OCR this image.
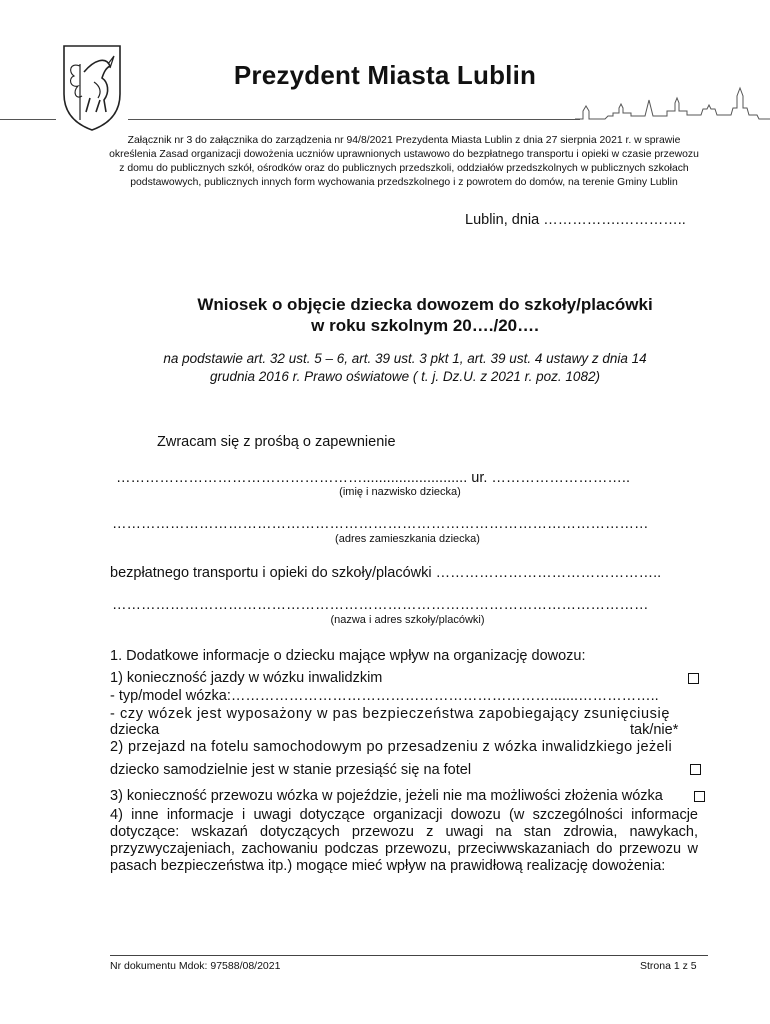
Prezydent Miasta Lublin
Załącznik nr 3 do załącznika do zarządzenia nr 94/8/2021 Prezydenta Miasta Lublin z dnia 27 sierpnia 2021 r. w sprawie określenia Zasad organizacji dowożenia uczniów uprawnionych ustawowo do bezpłatnego transportu i opieki w czasie przewozu z domu do publicznych szkół, ośrodków oraz do publicznych przedszkoli, oddziałów przedszkolnych w publicznych szkołach podstawowych, publicznych innych form wychowania przedszkolnego i z powrotem do domów, na terenie Gminy Lublin
Lublin, dnia …………….…………..
Wniosek o objęcie dziecka dowozem do szkoły/placówki
w roku szkolnym 20…./20….
na podstawie art. 32 ust. 5 – 6, art. 39 ust. 3 pkt 1, art. 39 ust. 4 ustawy z dnia 14
grudnia 2016 r. Prawo oświatowe ( t. j. Dz.U. z 2021 r. poz. 1082)
Zwracam się z prośbą o zapewnienie
…………………………………………….......................... ur. ………………………..
(imię i nazwisko dziecka)
…………………………………………………………………………………………………
(adres zamieszkania dziecka)
bezpłatnego transportu i opieki do szkoły/placówki ………………………………………..
…………………………………………………………………………………………………
(nazwa i adres szkoły/placówki)
1. Dodatkowe informacje o dziecku mające wpływ na organizację dowozu:
1) konieczność jazdy w wózku inwalidzkim
- typ/model wózka:………………………………………………………….......……………..
- czy wózek jest wyposażony w pas bezpieczeństwa zapobiegający zsunięciusię
dziecka	tak/nie*
2) przejazd na fotelu samochodowym po przesadzeniu z wózka inwalidzkiego jeżeli
dziecko samodzielnie jest w stanie przesiąść się na fotel
3) konieczność przewozu wózka w pojeździe, jeżeli nie ma możliwości złożenia wózka
4) inne informacje i uwagi dotyczące organizacji dowozu (w szczególności informacje dotyczące: wskazań dotyczących przewozu z uwagi na stan zdrowia, nawykach, przyzwyczajeniach, zachowaniu podczas przewozu, przeciwwskazaniach do przewozu w pasach bezpieczeństwa itp.) mogące mieć wpływ na prawidłową realizację dowożenia:
Nr dokumentu Mdok: 97588/08/2021	Strona 1 z 5
